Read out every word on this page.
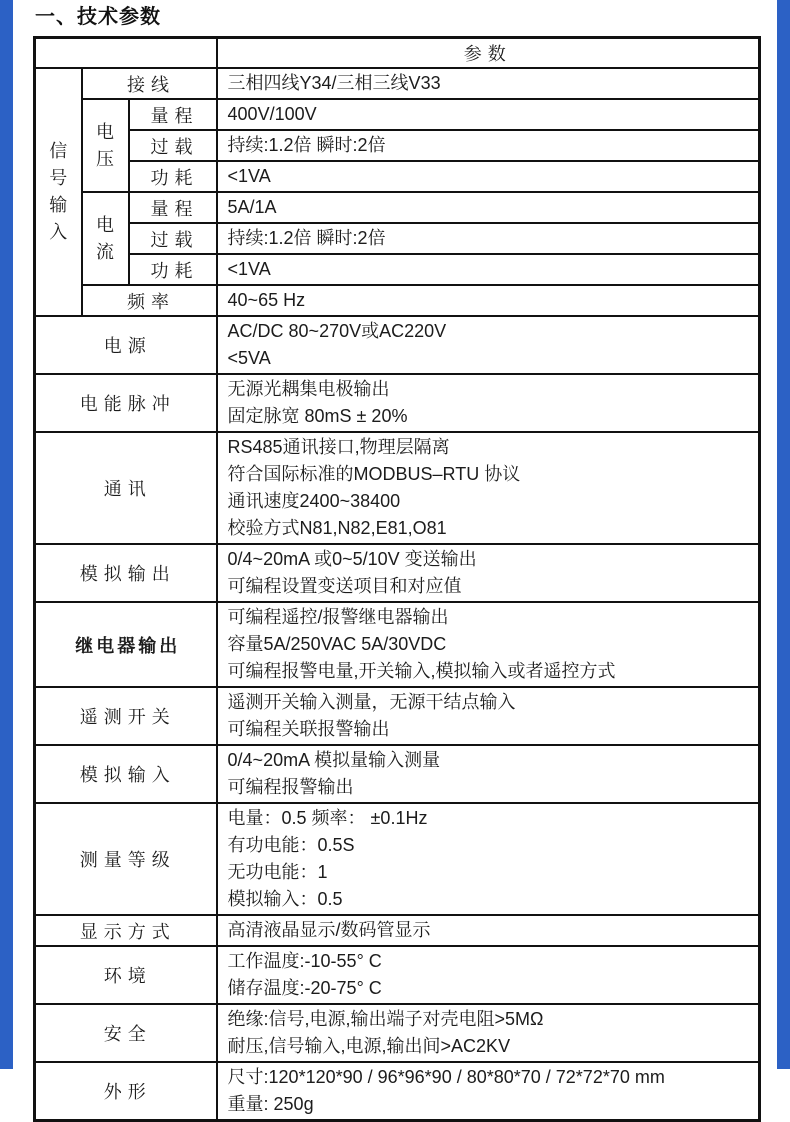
一、技术参数
			参数

信号输入	接线		三相四线Y34/三相三线V33

	电压	量程	400V/100V

		过载	持续:1.2倍 瞬时:2倍

		功耗	<1VA

	电流	量程	5A/1A

		过载	持续:1.2倍 瞬时:2倍

		功耗	<1VA

	频率		40~65 Hz

电源			AC/DC 80~270V或AC220V
<5VA

电能脉冲			无源光耦集电极输出
固定脉宽 80mS ± 20%

通讯			RS485通讯接口,物理层隔离
符合国际标准的MODBUS–RTU 协议
通讯速度2400~38400
校验方式N81,N82,E81,O81

模拟输出			0/4~20mA 或0~5/10V 变送输出
可编程设置变送项目和对应值

继电器输出			可编程遥控/报警继电器输出
容量5A/250VAC 5A/30VDC
可编程报警电量,开关输入,模拟输入或者遥控方式

遥测开关			遥测开关输入测量，无源干结点输入
可编程关联报警输出

模拟输入			0/4~20mA 模拟量输入测量
可编程报警输出

测量等级			电量：0.5 频率： ±0.1Hz
有功电能：0.5S
无功电能：1
模拟输入：0.5

显示方式			高清液晶显示/数码管显示

环境			工作温度:-10-55° C
储存温度:-20-75° C

安全			绝缘:信号,电源,输出端子对壳电阻>5MΩ
耐压,信号输入,电源,输出间>AC2KV

外形			尺寸:120*120*90 / 96*96*90 / 80*80*70 / 72*72*70 mm
重量: 250g
